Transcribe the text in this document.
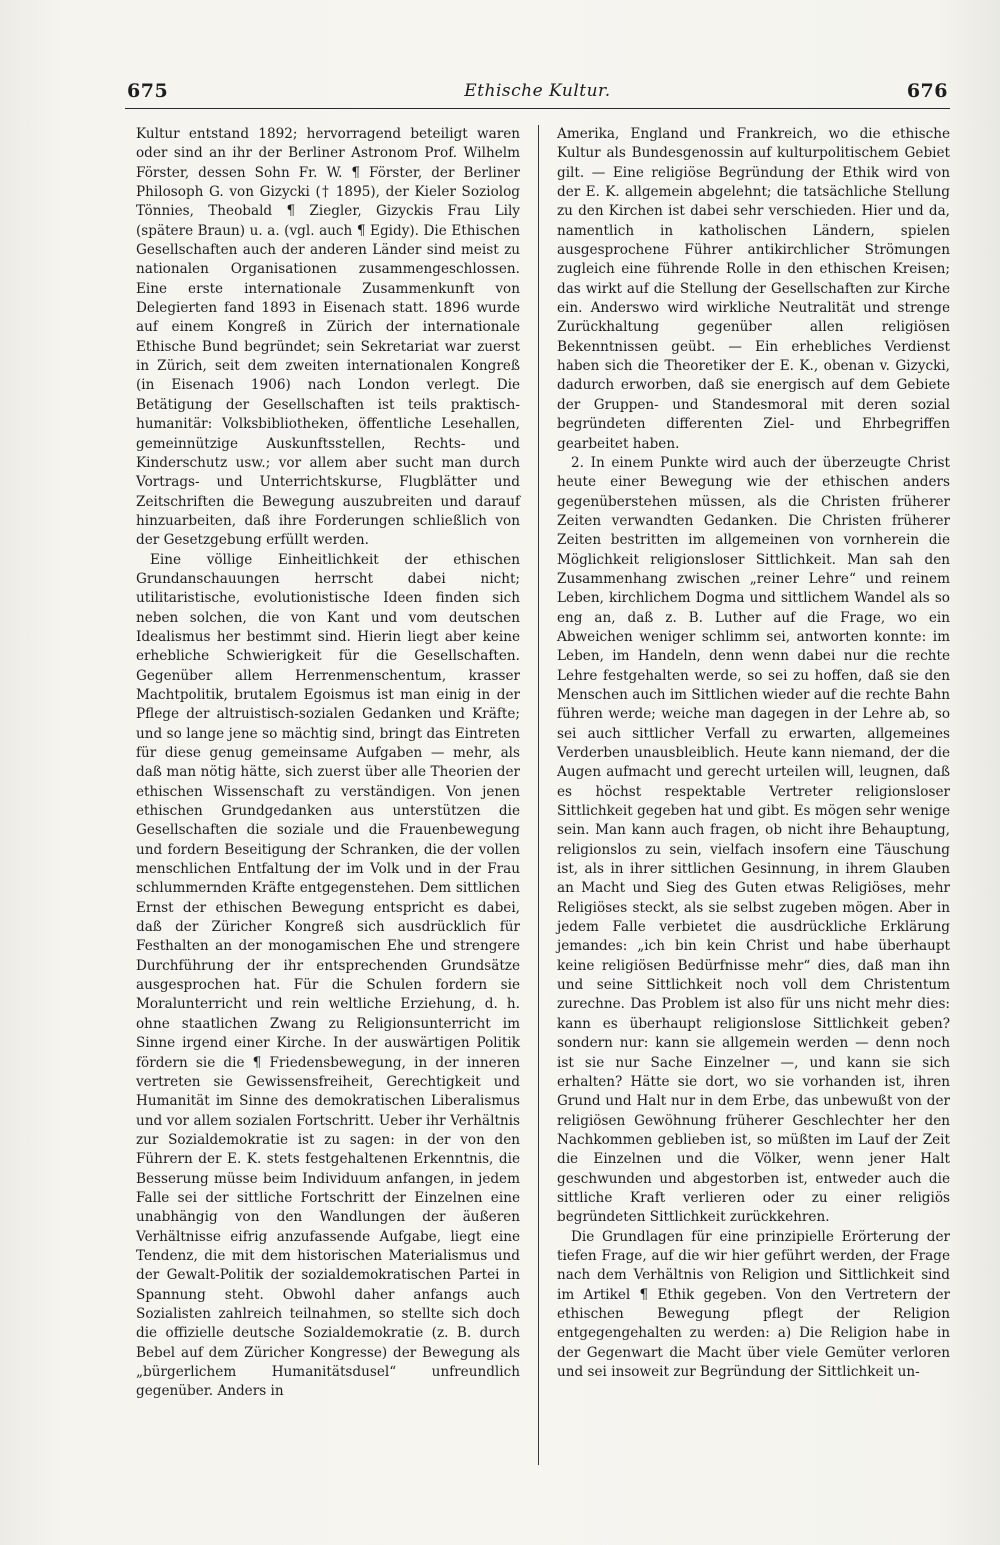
675	Ethische Kultur.	676

Kultur entstand 1892; hervorragend beteiligt waren oder sind an ihr der Berliner Astronom Prof. Wilhelm Förster, dessen Sohn Fr. W. ¶ Förster, der Berliner Philosoph G. von Gizycki († 1895), der Kieler Soziolog Tönnies, Theobald ¶ Ziegler, Gizyckis Frau Lily (spätere Braun) u. a. (vgl. auch ¶ Egidy). Die Ethischen Gesellschaften auch der anderen Länder sind meist zu nationalen Organisationen zusammengeschlossen. Eine erste internationale Zusammenkunft von Delegierten fand 1893 in Eisenach statt. 1896 wurde auf einem Kongreß in Zürich der internationale Ethische Bund begründet; sein Sekretariat war zuerst in Zürich, seit dem zweiten internationalen Kongreß (in Eisenach 1906) nach London verlegt. Die Betätigung der Gesellschaften ist teils praktisch-humanitär: Volksbibliotheken, öffentliche Lesehallen, gemeinnützige Auskunftsstellen, Rechts- und Kinderschutz usw.; vor allem aber sucht man durch Vortrags- und Unterrichtskurse, Flugblätter und Zeitschriften die Bewegung auszubreiten und darauf hinzuarbeiten, daß ihre Forderungen schließlich von der Gesetzgebung erfüllt werden.

Eine völlige Einheitlichkeit der ethischen Grundanschauungen herrscht dabei nicht; utilitaristische, evolutionistische Ideen finden sich neben solchen, die von Kant und vom deutschen Idealismus her bestimmt sind. Hierin liegt aber keine erhebliche Schwierigkeit für die Gesellschaften. Gegenüber allem Herrenmenschentum, krasser Machtpolitik, brutalem Egoismus ist man einig in der Pflege der altruistisch-sozialen Gedanken und Kräfte; und so lange jene so mächtig sind, bringt das Eintreten für diese genug gemeinsame Aufgaben — mehr, als daß man nötig hätte, sich zuerst über alle Theorien der ethischen Wissenschaft zu verständigen. Von jenen ethischen Grundgedanken aus unterstützen die Gesellschaften die soziale und die Frauenbewegung und fordern Beseitigung der Schranken, die der vollen menschlichen Entfaltung der im Volk und in der Frau schlummernden Kräfte entgegenstehen. Dem sittlichen Ernst der ethischen Bewegung entspricht es dabei, daß der Züricher Kongreß sich ausdrücklich für Festhalten an der monogamischen Ehe und strengere Durchführung der ihr entsprechenden Grundsätze ausgesprochen hat. Für die Schulen fordern sie Moralunterricht und rein weltliche Erziehung, d. h. ohne staatlichen Zwang zu Religionsunterricht im Sinne irgend einer Kirche. In der auswärtigen Politik fördern sie die ¶ Friedensbewegung, in der inneren vertreten sie Gewissensfreiheit, Gerechtigkeit und Humanität im Sinne des demokratischen Liberalismus und vor allem sozialen Fortschritt. Ueber ihr Verhältnis zur Sozialdemokratie ist zu sagen: in der von den Führern der E. K. stets festgehaltenen Erkenntnis, die Besserung müsse beim Individuum anfangen, in jedem Falle sei der sittliche Fortschritt der Einzelnen eine unabhängig von den Wandlungen der äußeren Verhältnisse eifrig anzufassende Aufgabe, liegt eine Tendenz, die mit dem historischen Materialismus und der Gewalt-Politik der sozialdemokratischen Partei in Spannung steht. Obwohl daher anfangs auch Sozialisten zahlreich teilnahmen, so stellte sich doch die offizielle deutsche Sozialdemokratie (z. B. durch Bebel auf dem Züricher Kongresse) der Bewegung als „bürgerlichem Humanitätsdusel“ unfreundlich gegenüber. Anders in

Amerika, England und Frankreich, wo die ethische Kultur als Bundesgenossin auf kulturpolitischem Gebiet gilt. — Eine religiöse Begründung der Ethik wird von der E. K. allgemein abgelehnt; die tatsächliche Stellung zu den Kirchen ist dabei sehr verschieden. Hier und da, namentlich in katholischen Ländern, spielen ausgesprochene Führer antikirchlicher Strömungen zugleich eine führende Rolle in den ethischen Kreisen; das wirkt auf die Stellung der Gesellschaften zur Kirche ein. Anderswo wird wirkliche Neutralität und strenge Zurückhaltung gegenüber allen religiösen Bekenntnissen geübt. — Ein erhebliches Verdienst haben sich die Theoretiker der E. K., obenan v. Gizycki, dadurch erworben, daß sie energisch auf dem Gebiete der Gruppen- und Standesmoral mit deren sozial begründeten differenten Ziel- und Ehrbegriffen gearbeitet haben.

2. In einem Punkte wird auch der überzeugte Christ heute einer Bewegung wie der ethischen anders gegenüberstehen müssen, als die Christen früherer Zeiten verwandten Gedanken. Die Christen früherer Zeiten bestritten im allgemeinen von vornherein die Möglichkeit religionsloser Sittlichkeit. Man sah den Zusammenhang zwischen „reiner Lehre“ und reinem Leben, kirchlichem Dogma und sittlichem Wandel als so eng an, daß z. B. Luther auf die Frage, wo ein Abweichen weniger schlimm sei, antworten konnte: im Leben, im Handeln, denn wenn dabei nur die rechte Lehre festgehalten werde, so sei zu hoffen, daß sie den Menschen auch im Sittlichen wieder auf die rechte Bahn führen werde; weiche man dagegen in der Lehre ab, so sei auch sittlicher Verfall zu erwarten, allgemeines Verderben unausbleiblich. Heute kann niemand, der die Augen aufmacht und gerecht urteilen will, leugnen, daß es höchst respektable Vertreter religionsloser Sittlichkeit gegeben hat und gibt. Es mögen sehr wenige sein. Man kann auch fragen, ob nicht ihre Behauptung, religionslos zu sein, vielfach insofern eine Täuschung ist, als in ihrer sittlichen Gesinnung, in ihrem Glauben an Macht und Sieg des Guten etwas Religiöses, mehr Religiöses steckt, als sie selbst zugeben mögen. Aber in jedem Falle verbietet die ausdrückliche Erklärung jemandes: „ich bin kein Christ und habe überhaupt keine religiösen Bedürfnisse mehr“ dies, daß man ihn und seine Sittlichkeit noch voll dem Christentum zurechne. Das Problem ist also für uns nicht mehr dies: kann es überhaupt religionslose Sittlichkeit geben? sondern nur: kann sie allgemein werden — denn noch ist sie nur Sache Einzelner —, und kann sie sich erhalten? Hätte sie dort, wo sie vorhanden ist, ihren Grund und Halt nur in dem Erbe, das unbewußt von der religiösen Gewöhnung früherer Geschlechter her den Nachkommen geblieben ist, so müßten im Lauf der Zeit die Einzelnen und die Völker, wenn jener Halt geschwunden und abgestorben ist, entweder auch die sittliche Kraft verlieren oder zu einer religiös begründeten Sittlichkeit zurückkehren.

Die Grundlagen für eine prinzipielle Erörterung der tiefen Frage, auf die wir hier geführt werden, der Frage nach dem Verhältnis von Religion und Sittlichkeit sind im Artikel ¶ Ethik gegeben. Von den Vertretern der ethischen Bewegung pflegt der Religion entgegengehalten zu werden: a) Die Religion habe in der Gegenwart die Macht über viele Gemüter verloren und sei insoweit zur Begründung der Sittlichkeit un-
